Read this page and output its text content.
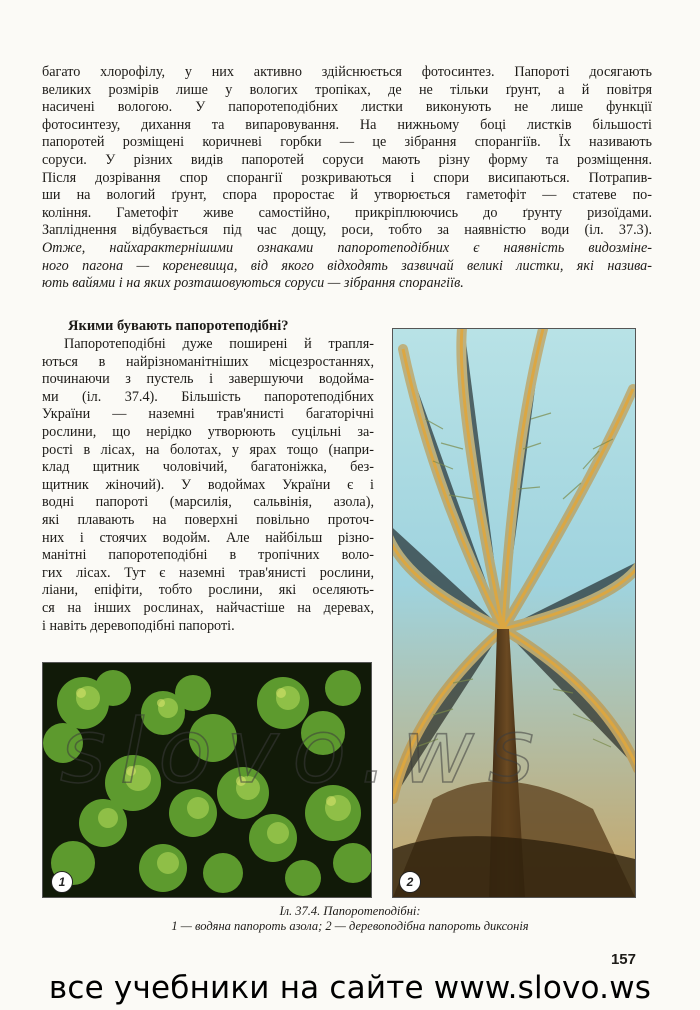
багато хлорофілу, у них активно здійснюється фотосинтез. Папороті досягають
великих розмірів лише у вологих тропіках, де не тільки ґрунт, а й повітря
насичені вологою. У папоротеподібних листки виконують не лише функції
фотосинтезу, дихання та випаровування. На нижньому боці листків більшості
папоротей розміщені коричневі горбки — це зібрання спорангіїв. Їх називають
сoруси. У різних видів папоротей соруси мають різну форму та розміщення.
Після дозрівання спор спорангії розкриваються і спори висипаються. Потрапив-
ши на вологий ґрунт, спора проростає й утворюється гаметофіт — статеве по-
коління. Гаметофіт живе самостійно, прикріплюючись до ґрунту ризоїдами.
Запліднення відбувається під час дощу, роси, тобто за наявністю води (іл. 37.3).
Отже, найхарактернішими ознаками папоротеподібних є наявність видозміне-
ного пагона — кореневища, від якого відходять зазвичай великі листки, які назива-
ють вайями і на яких розташовуються соруси — зібрання спорангіїв.
Якими бувають папоротеподібні?
Папоротеподібні дуже поширені й трапля-
ються в найрізноманітніших місцезростаннях,
починаючи з пустель і завершуючи водойма-
ми (іл. 37.4). Більшість папоротеподібних
України — наземні трав'янисті багаторічні
рослини, що нерідко утворюють суцільні за-
рості в лісах, на болотах, у ярах тощо (напри-
клад щитник чоловічий, багатоніжка, без-
щитник жіночий). У водоймах України є і
водні папороті (марсилія, сальвінія, азола),
які плавають на поверхні повільно проточ-
них і стоячих водойм. Але найбільш різно-
манітні папоротеподібні в тропічних воло-
гих лісах. Тут є наземні трав'янисті рослини,
ліани, епіфіти, тобто рослини, які оселяють-
ся на інших рослинах, найчастіше на деревах,
і навіть деревоподібні папороті.
2
1
slovo.ws
Іл. 37.4. Папоротеподібні:
1 — водяна папороть азола; 2 — деревоподібна папороть диксонія
157
все учебники на сайте www.slovo.ws
